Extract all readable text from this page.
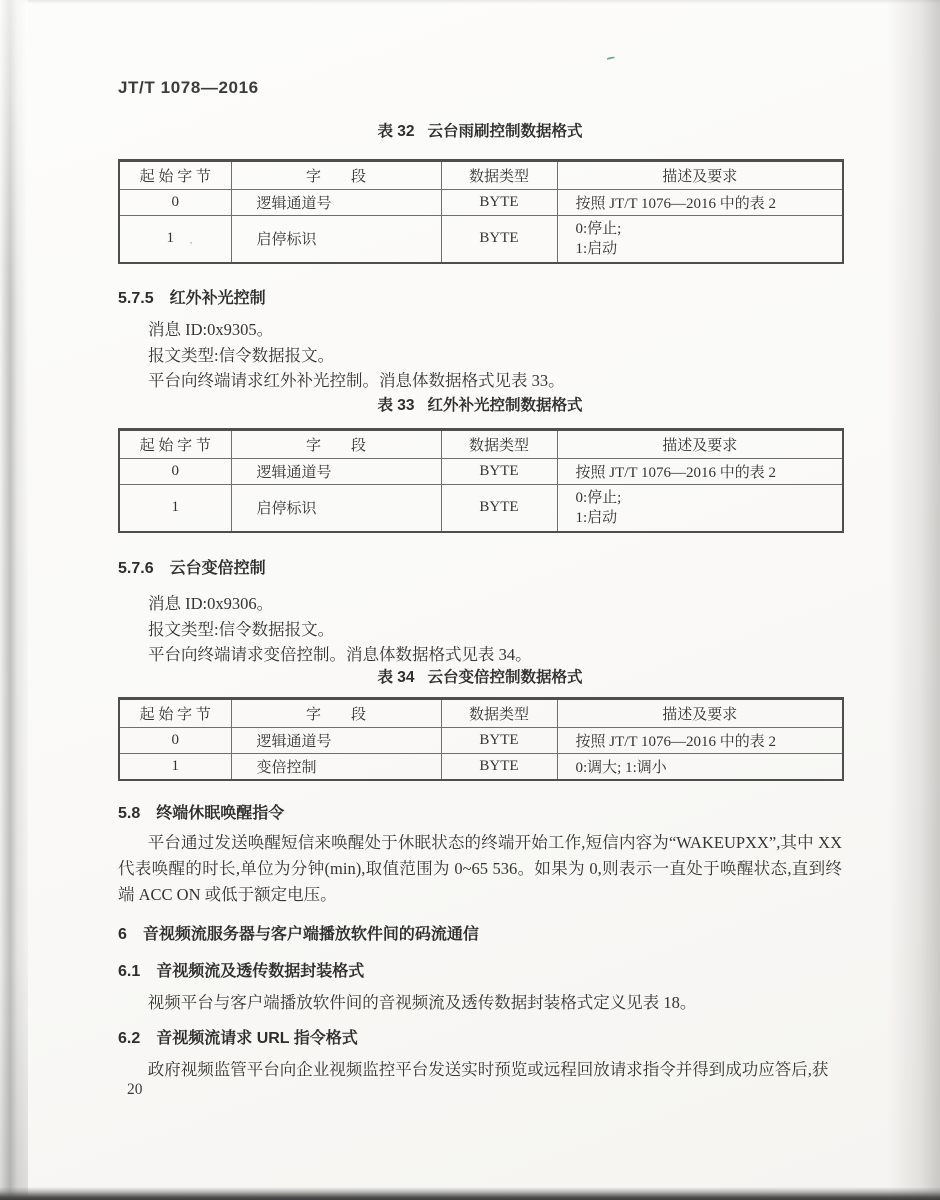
JT/T 1078—2016
表 32 云台雨刷控制数据格式
起 始 字 节	字　　段	数据类型	描述及要求
0	逻辑通道号	BYTE	按照 JT/T 1076—2016 中的表 2
1 ﹐	启停标识	BYTE	0:停止;
1:启动
5.7.5 红外补光控制
消息 ID:0x9305。
报文类型:信令数据报文。
平台向终端请求红外补光控制。消息体数据格式见表 33。
表 33 红外补光控制数据格式
起 始 字 节	字　　段	数据类型	描述及要求
0	逻辑通道号	BYTE	按照 JT/T 1076—2016 中的表 2
1	启停标识	BYTE	0:停止;
1:启动
5.7.6 云台变倍控制
消息 ID:0x9306。
报文类型:信令数据报文。
平台向终端请求变倍控制。消息体数据格式见表 34。
表 34 云台变倍控制数据格式
起 始 字 节	字　　段	数据类型	描述及要求
0	逻辑通道号	BYTE	按照 JT/T 1076—2016 中的表 2
1	变倍控制	BYTE	0:调大; 1:调小
5.8 终端休眠唤醒指令

平台通过发送唤醒短信来唤醒处于休眠状态的终端开始工作,短信内容为“WAKEUPXX”,其中 XX 代表唤醒的时长,单位为分钟(min),取值范围为 0~65 536。如果为 0,则表示一直处于唤醒状态,直到终端 ACC ON 或低于额定电压。

6 音视频流服务器与客户端播放软件间的码流通信
6.1 音视频流及透传数据封装格式

视频平台与客户端播放软件间的音视频流及透传数据封装格式定义见表 18。

6.2 音视频流请求 URL 指令格式

政府视频监管平台向企业视频监控平台发送实时预览或远程回放请求指令并得到成功应答后,获

20
